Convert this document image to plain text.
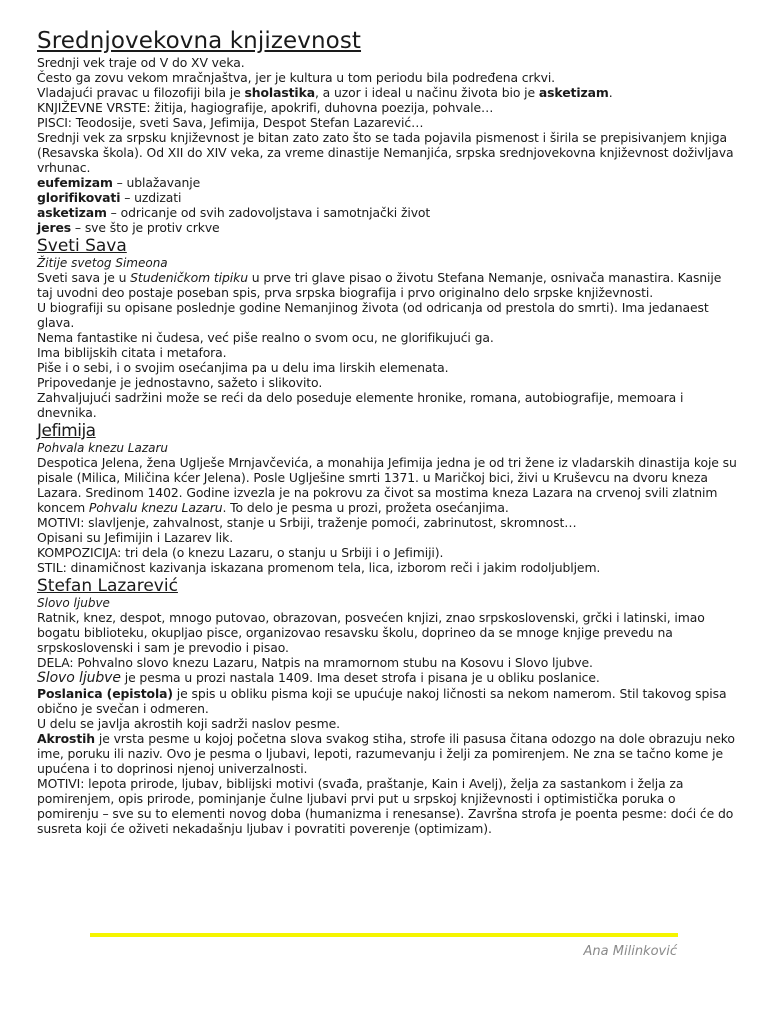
Srednjovekovna knjizevnost

Srednji vek traje od V do XV veka.

Često ga zovu vekom mračnjaštva, jer je kultura u tom periodu bila podređena crkvi.

Vladajući pravac u filozofiji bila je sholastika, a uzor i ideal u načinu života bio je asketizam.

KNJIŽEVNE VRSTE: žitija, hagiografije, apokrifi, duhovna poezija, pohvale…

PISCI: Teodosije, sveti Sava, Jefimija, Despot Stefan Lazarević…

Srednji vek za srpsku književnost je bitan zato zato što se tada pojavila pismenost i širila se prepisivanjem knjiga (Resavska škola). Od XII do XIV veka, za vreme dinastije Nemanjića, srpska srednjovekovna književnost doživljava vrhunac.

eufemizam – ublažavanje

glorifikovati – uzdizati

asketizam – odricanje od svih zadovoljstava i samotnjački život

jeres – sve što je protiv crkve

Sveti Sava

Žitije svetog Simeona

Sveti sava je u Studeničkom tipiku u prve tri glave pisao o životu Stefana Nemanje, osnivača manastira. Kasnije taj uvodni deo postaje poseban spis, prva srpska biografija i prvo originalno delo srpske književnosti.

U biografiji su opisane poslednje godine Nemanjinog života (od odricanja od prestola do smrti). Ima jedanaest glava.

Nema fantastike ni čudesa, već piše realno o svom ocu, ne glorifikujući ga.

Ima biblijskih citata i metafora.

Piše i o sebi, i o svojim osećanjima pa u delu ima lirskih elemenata.

Pripovedanje je jednostavno, sažeto i slikovito.

Zahvaljujući sadržini može se reći da delo poseduje elemente hronike, romana, autobiografije, memoara i dnevnika.

Jefimija

Pohvala knezu Lazaru

Despotica Jelena, žena Uglješe Mrnjavčevića, a monahija Jefimija jedna je od tri žene iz vladarskih dinastija koje su pisale (Milica, Miličina kćer Jelena). Posle Uglješine smrti 1371. u Maričkoj bici, živi u Kruševcu na dvoru kneza Lazara. Sredinom 1402. Godine izvezla je na pokrovu za čivot sa mostima kneza Lazara na crvenoj svili zlatnim koncem Pohvalu knezu Lazaru. To delo je pesma u prozi, prožeta osećanjima.

MOTIVI: slavljenje, zahvalnost, stanje u Srbiji, traženje pomoći, zabrinutost, skromnost…

Opisani su Jefimijin i Lazarev lik.

KOMPOZICIJA: tri dela (o knezu Lazaru, o stanju u Srbiji i o Jefimiji).

STIL: dinamičnost kazivanja iskazana promenom tela, lica, izborom reči i jakim rodoljubljem.

Stefan Lazarević

Slovo ljubve

Ratnik, knez, despot, mnogo putovao, obrazovan, posvećen knjizi, znao srpskoslovenski, grčki i latinski, imao bogatu biblioteku, okupljao pisce, organizovao resavsku školu, doprineo da se mnoge knjige prevedu na srpskoslovenski i sam je prevodio i pisao.

DELA: Pohvalno slovo knezu Lazaru, Natpis na mramornom stubu na Kosovu i Slovo ljubve.

Slovo ljubve je pesma u prozi nastala 1409. Ima deset strofa i pisana je u obliku poslanice.

Poslanica (epistola) je spis u obliku pisma koji se upućuje nakoj ličnosti sa nekom namerom. Stil takovog spisa obično je svečan i odmeren.

U delu se javlja akrostih koji sadrži naslov pesme.

Akrostih je vrsta pesme u kojoj početna slova svakog stiha, strofe ili pasusa čitana odozgo na dole obrazuju neko ime, poruku ili naziv. Ovo je pesma o ljubavi, lepoti, razumevanju i želji za pomirenjem. Ne zna se tačno kome je upućena i to doprinosi njenoj univerzalnosti.

MOTIVI: lepota prirode, ljubav, biblijski motivi (svađa, praštanje, Kain i Avelj), želja za sastankom i želja za pomirenjem, opis prirode, pominjanje čulne ljubavi prvi put u srpskoj književnosti i optimistička poruka o pomirenju – sve su to elementi novog doba (humanizma i renesanse). Završna strofa je poenta pesme: doći će do susreta koji će oživeti nekadašnju ljubav i povratiti poverenje (optimizam).

Ana Milinković
